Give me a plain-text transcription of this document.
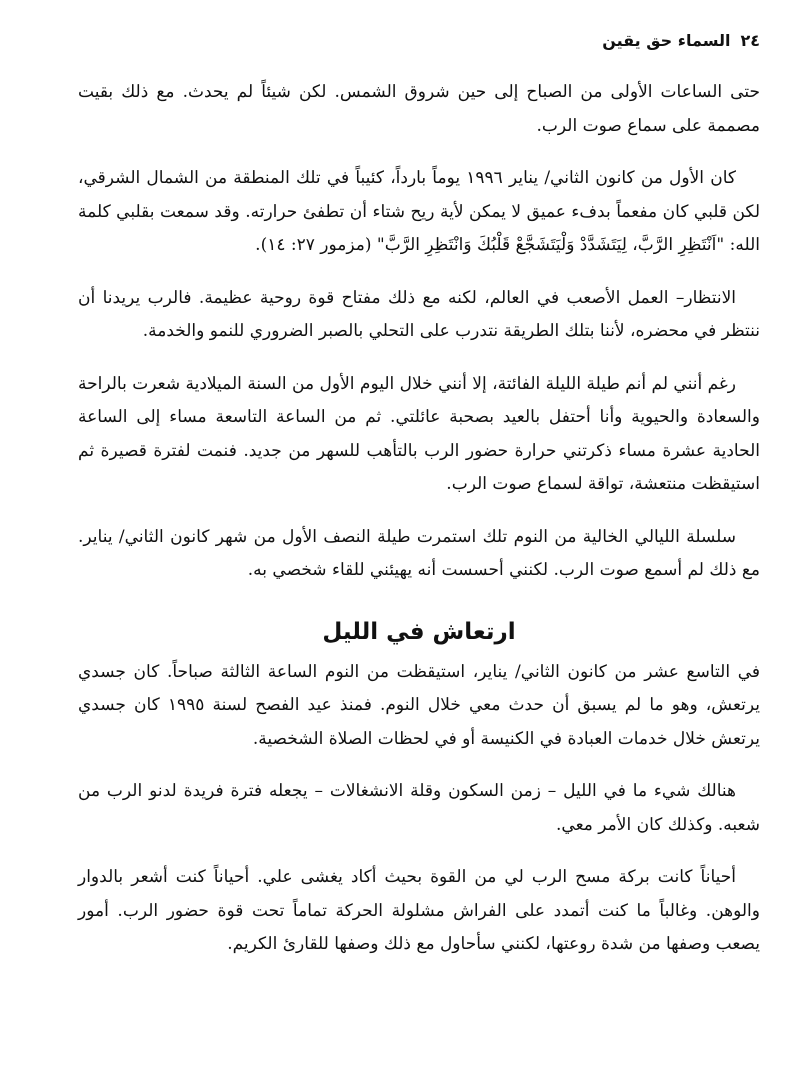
٢٤
السماء حق يقين

حتى الساعات الأولى من الصباح إلى حين شروق الشمس. لكن شيئاً لم يحدث. مع ذلك بقيت مصممة على سماع صوت الرب.

كان الأول من كانون الثاني/ يناير ١٩٩٦ يوماً بارداً، كئيباً في تلك المنطقة من الشمال الشرقي، لكن قلبي كان مفعماً بدفء عميق لا يمكن لأية ريح شتاء أن تطفئ حرارته. وقد سمعت بقلبي كلمة الله: "اَنْتَظِرِ الرَّبَّ، لِيَتَشَدَّدْ وَلْيَتَشَجَّعْ قَلْبُكَ وَانْتَظِرِ الرَّبَّ" (مزمور ٢٧: ١٤).

الانتظار– العمل الأصعب في العالم، لكنه مع ذلك مفتاح قوة روحية عظيمة. فالرب يريدنا أن ننتظر في محضره، لأننا بتلك الطريقة نتدرب على التحلي بالصبر الضروري للنمو والخدمة.

رغم أنني لم أنم طيلة الليلة الفائتة، إلا أنني خلال اليوم الأول من السنة الميلادية شعرت بالراحة والسعادة والحيوية وأنا أحتفل بالعيد بصحبة عائلتي. ثم من الساعة التاسعة مساء إلى الساعة الحادية عشرة مساء ذكرتني حرارة حضور الرب بالتأهب للسهر من جديد. فنمت لفترة قصيرة ثم استيقظت منتعشة، تواقة لسماع صوت الرب.

سلسلة الليالي الخالية من النوم تلك استمرت طيلة النصف الأول من شهر كانون الثاني/ يناير. مع ذلك لم أسمع صوت الرب. لكنني أحسست أنه يهيئني للقاء شخصي به.

ارتعاش في الليل

في التاسع عشر من كانون الثاني/ يناير، استيقظت من النوم الساعة الثالثة صباحاً. كان جسدي يرتعش، وهو ما لم يسبق أن حدث معي خلال النوم. فمنذ عيد الفصح لسنة ١٩٩٥ كان جسدي يرتعش خلال خدمات العبادة في الكنيسة أو في لحظات الصلاة الشخصية.

هنالك شيء ما في الليل – زمن السكون وقلة الانشغالات – يجعله فترة فريدة لدنو الرب من شعبه. وكذلك كان الأمر معي.

أحياناً كانت بركة مسح الرب لي من القوة بحيث أكاد يغشى علي. أحياناً كنت أشعر بالدوار والوهن. وغالباً ما كنت أتمدد على الفراش مشلولة الحركة تماماً تحت قوة حضور الرب. أمور يصعب وصفها من شدة روعتها، لكنني سأحاول مع ذلك وصفها للقارئ الكريم.
